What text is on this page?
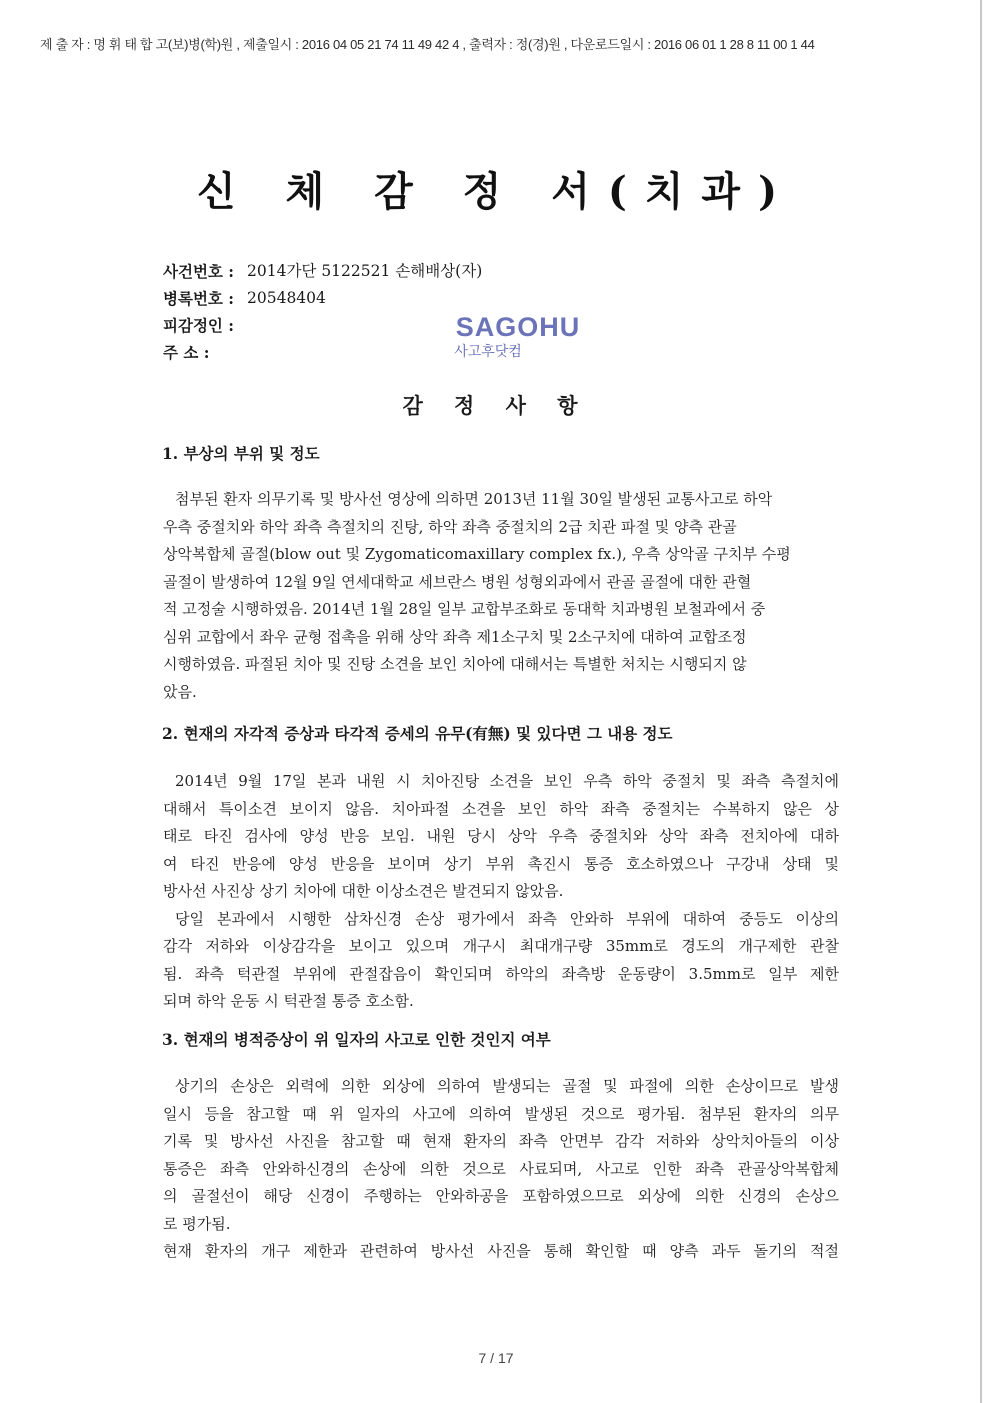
제 출 자 : 명 휘 태 합 고(보)병(학)원 , 제출일시 : 2016 04 05 21 74 11 49 42 4 , 출력자 : 정(경)원 , 다운로드일시 : 2016 06 01 1 28 8 11 00 1 44
신 체 감 정 서(치과)
사건번호 : 2014가단 5122521 손해배상(자)
병록번호 : 20548404
피감정인 :
주 소 :
SAGOHU
사고후닷컴
감 정 사 항
1. 부상의 부위 및 정도
첨부된 환자 의무기록 및 방사선 영상에 의하면 2013년 11월 30일 발생된 교통사고로 하악
우측 중절치와 하악 좌측 측절치의 진탕, 하악 좌측 중절치의 2급 치관 파절 및 양측 관골
상악복합체 골절(blow out 및 Zygomaticomaxillary complex fx.), 우측 상악골 구치부 수평
골절이 발생하여 12월 9일 연세대학교 세브란스 병원 성형외과에서 관골 골절에 대한 관혈
적 고정술 시행하였음. 2014년 1월 28일 일부 교합부조화로 동대학 치과병원 보철과에서 중
심위 교합에서 좌우 균형 접촉을 위해 상악 좌측 제1소구치 및 2소구치에 대하여 교합조정
시행하였음. 파절된 치아 및 진탕 소견을 보인 치아에 대해서는 특별한 처치는 시행되지 않
았음.
2. 현재의 자각적 증상과 타각적 증세의 유무(有無) 및 있다면 그 내용 정도
2014년 9월 17일 본과 내원 시 치아진탕 소견을 보인 우측 하악 중절치 및 좌측 측절치에
대해서 특이소견 보이지 않음. 치아파절 소견을 보인 하악 좌측 중절치는 수복하지 않은 상
태로 타진 검사에 양성 반응 보임. 내원 당시 상악 우측 중절치와 상악 좌측 전치아에 대하
여 타진 반응에 양성 반응을 보이며 상기 부위 촉진시 통증 호소하였으나 구강내 상태 및
방사선 사진상 상기 치아에 대한 이상소견은 발견되지 않았음.
당일 본과에서 시행한 삼차신경 손상 평가에서 좌측 안와하 부위에 대하여 중등도 이상의
감각 저하와 이상감각을 보이고 있으며 개구시 최대개구량 35mm로 경도의 개구제한 관찰
됨. 좌측 턱관절 부위에 관절잡음이 확인되며 하악의 좌측방 운동량이 3.5mm로 일부 제한
되며 하악 운동 시 턱관절 통증 호소함.
3. 현재의 병적증상이 위 일자의 사고로 인한 것인지 여부
상기의 손상은 외력에 의한 외상에 의하여 발생되는 골절 및 파절에 의한 손상이므로 발생
일시 등을 참고할 때 위 일자의 사고에 의하여 발생된 것으로 평가됨. 첨부된 환자의 의무
기록 및 방사선 사진을 참고할 때 현재 환자의 좌측 안면부 감각 저하와 상악치아들의 이상
통증은 좌측 안와하신경의 손상에 의한 것으로 사료되며, 사고로 인한 좌측 관골상악복합체
의 골절선이 해당 신경이 주행하는 안와하공을 포함하였으므로 외상에 의한 신경의 손상으
로 평가됨.
현재 환자의 개구 제한과 관련하여 방사선 사진을 통해 확인할 때 양측 과두 돌기의 적절
7 / 17
